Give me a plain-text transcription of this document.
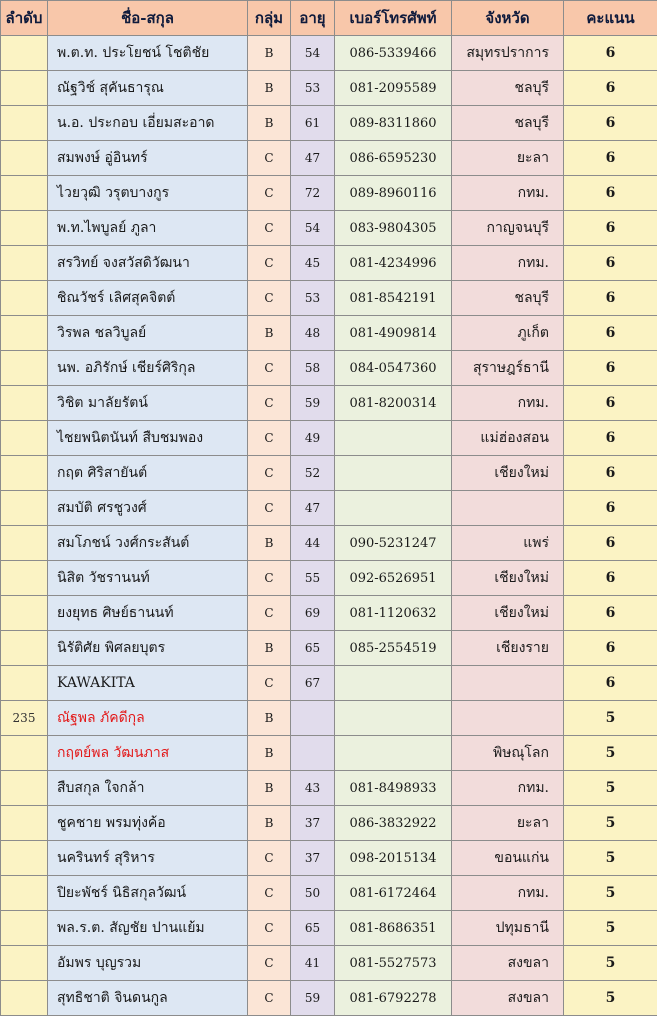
ลำดับ	ชื่อ-สกุล	กลุ่ม	อายุ	เบอร์โทรศัพท์	จังหวัด	คะแนน
	พ.ต.ท. ประโยชน์ โชติชัย	B	54	086-5339466	สมุทรปราการ	6
	ณัฐวิช์ สุคันธารุณ	B	53	081-2095589	ชลบุรี	6
	น.อ. ประกอบ เอี่ยมสะอาด	B	61	089-8311860	ชลบุรี	6
	สมพงษ์ อู่อินทร์	C	47	086-6595230	ยะลา	6
	ไวยวุฒิ วรุตบางกูร	C	72	089-8960116	กทม.	6
	พ.ท.ไพบูลย์ ภูลา	C	54	083-9804305	กาญจนบุรี	6
	สรวิทย์ จงสวัสดิวัฒนา	C	45	081-4234996	กทม.	6
	ชิณวัชร์ เลิศสุคจิตต์	C	53	081-8542191	ชลบุรี	6
	วิรพล ชลวิบูลย์	B	48	081-4909814	ภูเก็ต	6
	นพ. อภิรักษ์ เชียร์ศิริกุล	C	58	084-0547360	สุราษฎร์ธานี	6
	วิชิต มาลัยรัตน์	C	59	081-8200314	กทม.	6
	ไชยพนิตนันท์ สืบชมพอง	C	49		แม่ฮ่องสอน	6
	กฤต ศิริสายันต์	C	52		เชียงใหม่	6
	สมบัติ ศรชูวงศ์	C	47			6
	สมโภชน์ วงศ์กระสันต์	B	44	090-5231247	แพร่	6
	นิสิต วัชรานนท์	C	55	092-6526951	เชียงใหม่	6
	ยงยุทธ ศิษย์ธานนท์	C	69	081-1120632	เชียงใหม่	6
	นิรัติศัย พิศลยบุตร	B	65	085-2554519	เชียงราย	6
	KAWAKITA	C	67			6
235	ณัฐพล ภัคดีกุล	B				5
	กฤตย์พล วัฒนภาส	B			พิษณุโลก	5
	สืบสกุล ใจกล้า	B	43	081-8498933	กทม.	5
	ชูคชาย พรมทุ่งค้อ	B	37	086-3832922	ยะลา	5
	นครินทร์ สุริหาร	C	37	098-2015134	ขอนแก่น	5
	ปิยะพัชร์ นิธิสกุลวัฒน์	C	50	081-6172464	กทม.	5
	พล.ร.ต. สัญชัย ปานแย้ม	C	65	081-8686351	ปทุมธานี	5
	อัมพร บุญรวม	C	41	081-5527573	สงขลา	5
	สุทธิชาติ จินดนกูล	C	59	081-6792278	สงขลา	5
